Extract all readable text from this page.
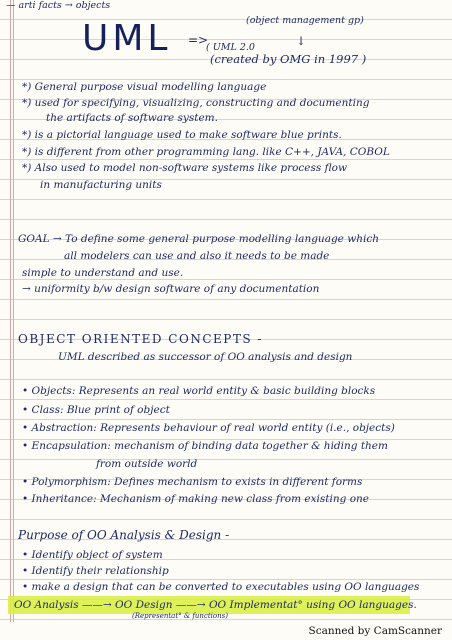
— arti facts → objects
UML =>
(object management gp)
↓
( UML 2.0
(created by OMG in 1997 )
*) General purpose visual modelling language
*) used for specifying, visualizing, constructing and documenting
the artifacts of software system.
*) is a pictorial language used to make software blue prints.
*) is different from other programming lang. like C++, JAVA, COBOL
*) Also used to model non-software systems like process flow
in manufacturing units
GOAL → To define some general purpose modelling language which
all modelers can use and also it needs to be made
simple to understand and use.
→ uniformity b/w design software of any documentation
OBJECT ORIENTED CONCEPTS -
UML described as successor of OO analysis and design
• Objects: Represents an real world entity & basic building blocks
• Class: Blue print of object
• Abstraction: Represents behaviour of real world entity (i.e., objects)
• Encapsulation: mechanism of binding data together & hiding them
from outside world
• Polymorphism: Defines mechanism to exists in different forms
• Inheritance: Mechanism of making new class from existing one
Purpose of OO Analysis & Design -
• Identify object of system
• Identify their relationship
• make a design that can be converted to executables using OO languages
OO Analysis ——→ OO Design ——→ OO Implementat° using OO languages.
(Representat° & functions)
Scanned by CamScanner
